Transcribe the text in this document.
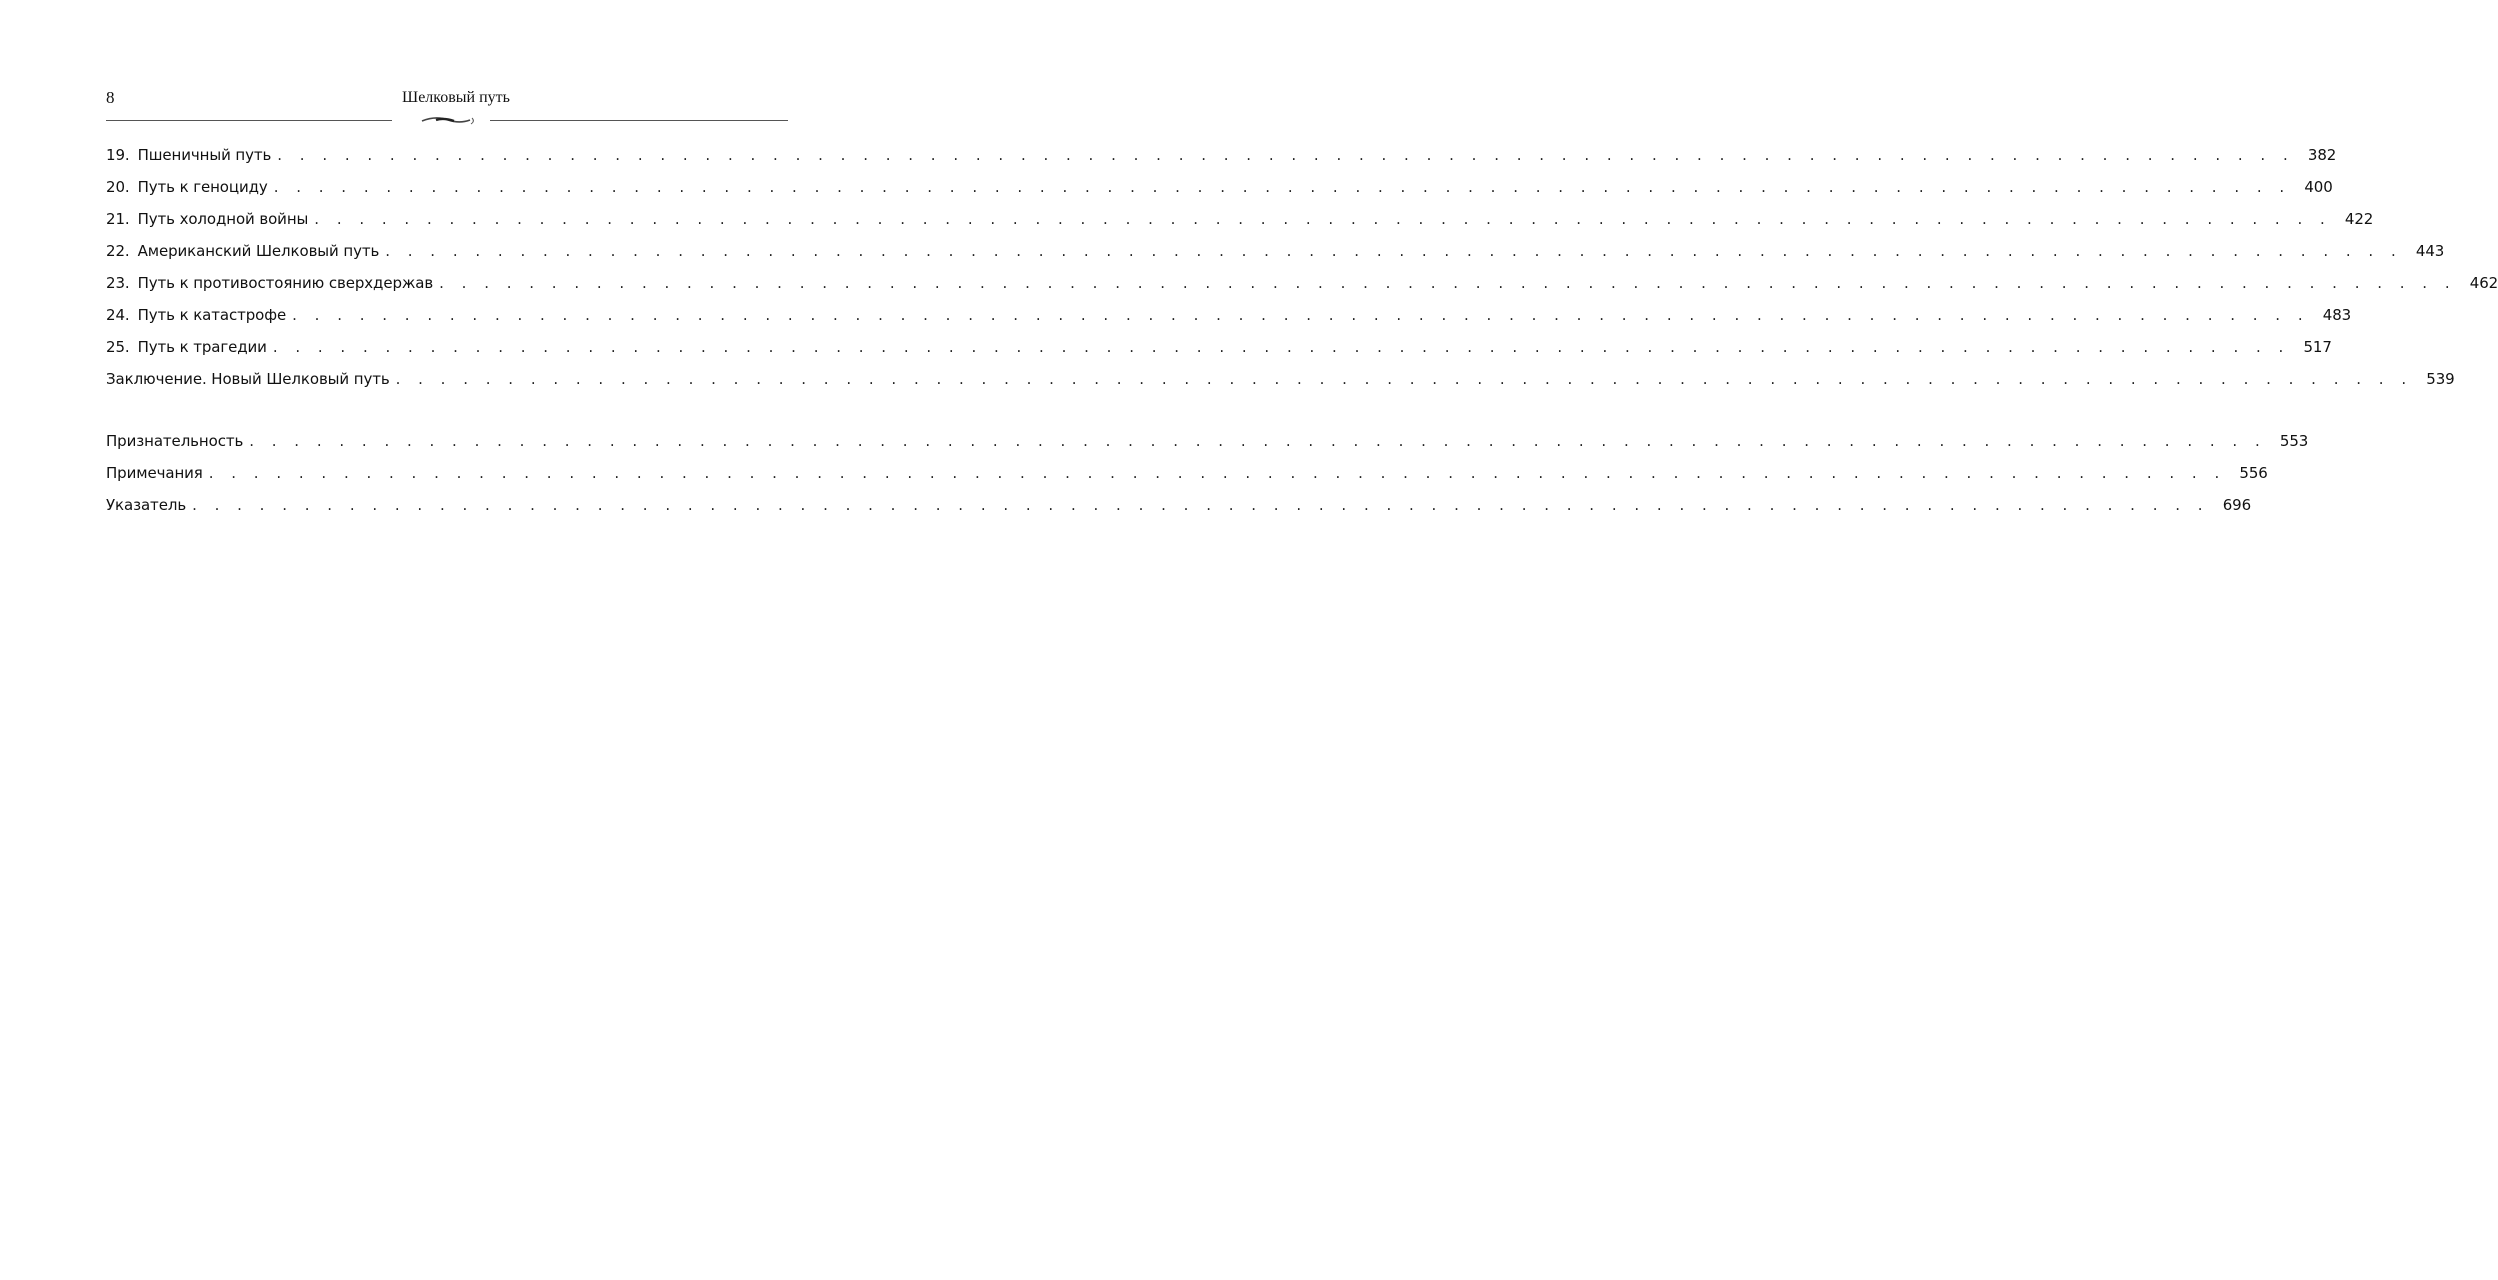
8	Шелковый путь
19. Пшеничный путь . . . . . . . . . . . . . . . . . . . . . . . . . . . . . . . . . . . . . . . . . . . . . . . . . . . . . . . . . . . . . . . . . . . . . . . . . . . . . . . . . . . . . . . . . . 382
20. Путь к геноциду . . . . . . . . . . . . . . . . . . . . . . . . . . . . . . . . . . . . . . . . . . . . . . . . . . . . . . . . . . . . . . . . . . . . . . . . . . . . . . . . . . . . . . . . . . 400
21. Путь холодной войны . . . . . . . . . . . . . . . . . . . . . . . . . . . . . . . . . . . . . . . . . . . . . . . . . . . . . . . . . . . . . . . . . . . . . . . . . . . . . . . . . . . . . . . . . . 422
22. Американский Шелковый путь . . . . . . . . . . . . . . . . . . . . . . . . . . . . . . . . . . . . . . . . . . . . . . . . . . . . . . . . . . . . . . . . . . . . . . . . . . . . . . . . . . . . . . . . . . 443
23. Путь к противостоянию сверхдержав . . . . . . . . . . . . . . . . . . . . . . . . . . . . . . . . . . . . . . . . . . . . . . . . . . . . . . . . . . . . . . . . . . . . . . . . . . . . . . . . . . . . . . . . . . 462
24. Путь к катастрофе . . . . . . . . . . . . . . . . . . . . . . . . . . . . . . . . . . . . . . . . . . . . . . . . . . . . . . . . . . . . . . . . . . . . . . . . . . . . . . . . . . . . . . . . . . 483
25. Путь к трагедии . . . . . . . . . . . . . . . . . . . . . . . . . . . . . . . . . . . . . . . . . . . . . . . . . . . . . . . . . . . . . . . . . . . . . . . . . . . . . . . . . . . . . . . . . . 517
Заключение. Новый Шелковый путь . . . . . . . . . . . . . . . . . . . . . . . . . . . . . . . . . . . . . . . . . . . . . . . . . . . . . . . . . . . . . . . . . . . . . . . . . . . . . . . . . . . . . . . . . . 539
Признательность . . . . . . . . . . . . . . . . . . . . . . . . . . . . . . . . . . . . . . . . . . . . . . . . . . . . . . . . . . . . . . . . . . . . . . . . . . . . . . . . . . . . . . . . . . 553
Примечания . . . . . . . . . . . . . . . . . . . . . . . . . . . . . . . . . . . . . . . . . . . . . . . . . . . . . . . . . . . . . . . . . . . . . . . . . . . . . . . . . . . . . . . . . . 556
Указатель . . . . . . . . . . . . . . . . . . . . . . . . . . . . . . . . . . . . . . . . . . . . . . . . . . . . . . . . . . . . . . . . . . . . . . . . . . . . . . . . . . . . . . . . . . 696
